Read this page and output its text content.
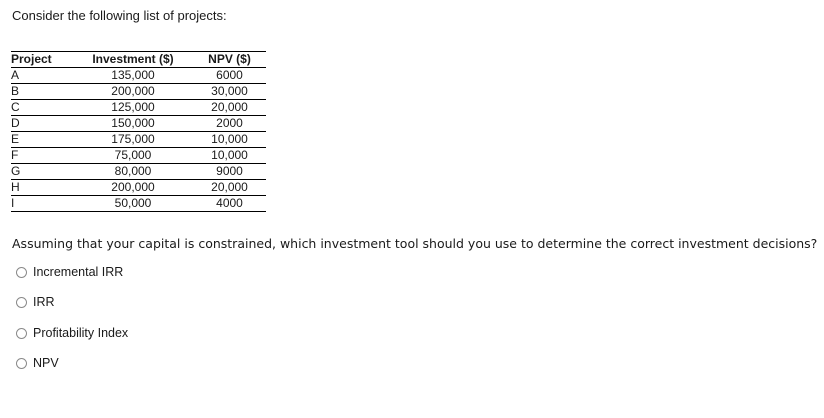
Consider the following list of projects:
Project	Investment ($)	NPV ($)
A	135,000	6000
B	200,000	30,000
C	125,000	20,000
D	150,000	2000
E	175,000	10,000
F	75,000	10,000
G	80,000	9000
H	200,000	20,000
I	50,000	4000
Assuming that your capital is constrained, which investment tool should you use to determine the correct investment decisions?
Incremental IRR
IRR
Profitability Index
NPV
